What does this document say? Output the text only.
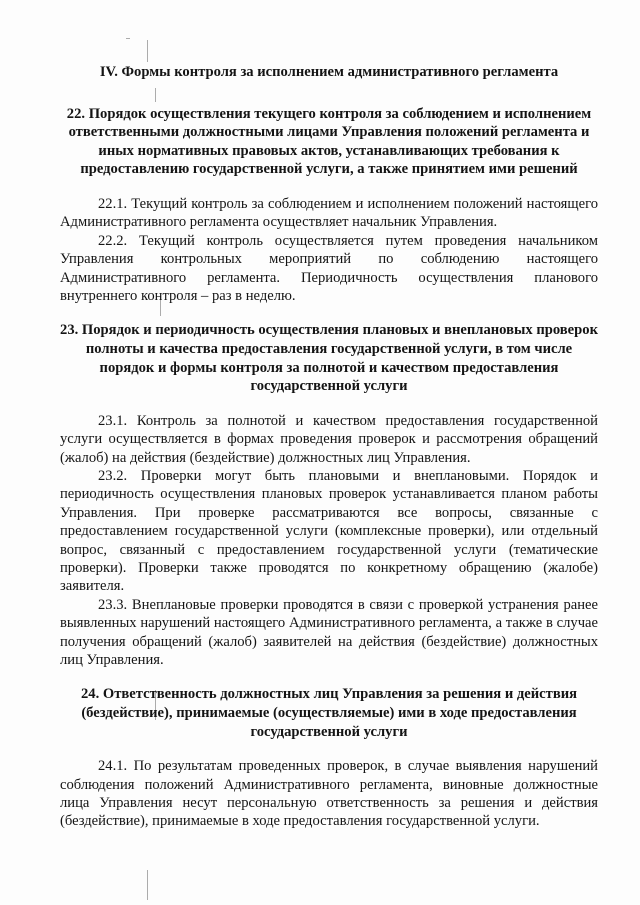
IV. Формы контроля за исполнением административного регламента

22. Порядок осуществления текущего контроля за соблюдением и исполнением ответственными должностными лицами Управления положений регламента и иных нормативных правовых актов, устанавливающих требования к предоставлению государственной услуги, а также принятием ими решений

22.1. Текущий контроль за соблюдением и исполнением положений настоящего Административного регламента осуществляет начальник Управления.

22.2. Текущий контроль осуществляется путем проведения начальником Управления контрольных мероприятий по соблюдению настоящего Административного регламента. Периодичность осуществления планового внутреннего контроля – раз в неделю.

23. Порядок и периодичность осуществления плановых и внеплановых проверок полноты и качества предоставления государственной услуги, в том числе порядок и формы контроля за полнотой и качеством предоставления государственной услуги

23.1. Контроль за полнотой и качеством предоставления государственной услуги осуществляется в формах проведения проверок и рассмотрения обращений (жалоб) на действия (бездействие) должностных лиц Управления.

23.2. Проверки могут быть плановыми и внеплановыми. Порядок и периодичность осуществления плановых проверок устанавливается планом работы Управления. При проверке рассматриваются все вопросы, связанные с предоставлением государственной услуги (комплексные проверки), или отдельный вопрос, связанный с предоставлением государственной услуги (тематические проверки). Проверки также проводятся по конкретному обращению (жалобе) заявителя.

23.3. Внеплановые проверки проводятся в связи с проверкой устранения ранее выявленных нарушений настоящего Административного регламента, а также в случае получения обращений (жалоб) заявителей на действия (бездействие) должностных лиц Управления.

24. Ответственность должностных лиц Управления за решения и действия (бездействие), принимаемые (осуществляемые) ими в ходе предоставления государственной услуги

24.1. По результатам проведенных проверок, в случае выявления нарушений соблюдения положений Административного регламента, виновные должностные лица Управления несут персональную ответственность за решения и действия (бездействие), принимаемые в ходе предоставления государственной услуги.
